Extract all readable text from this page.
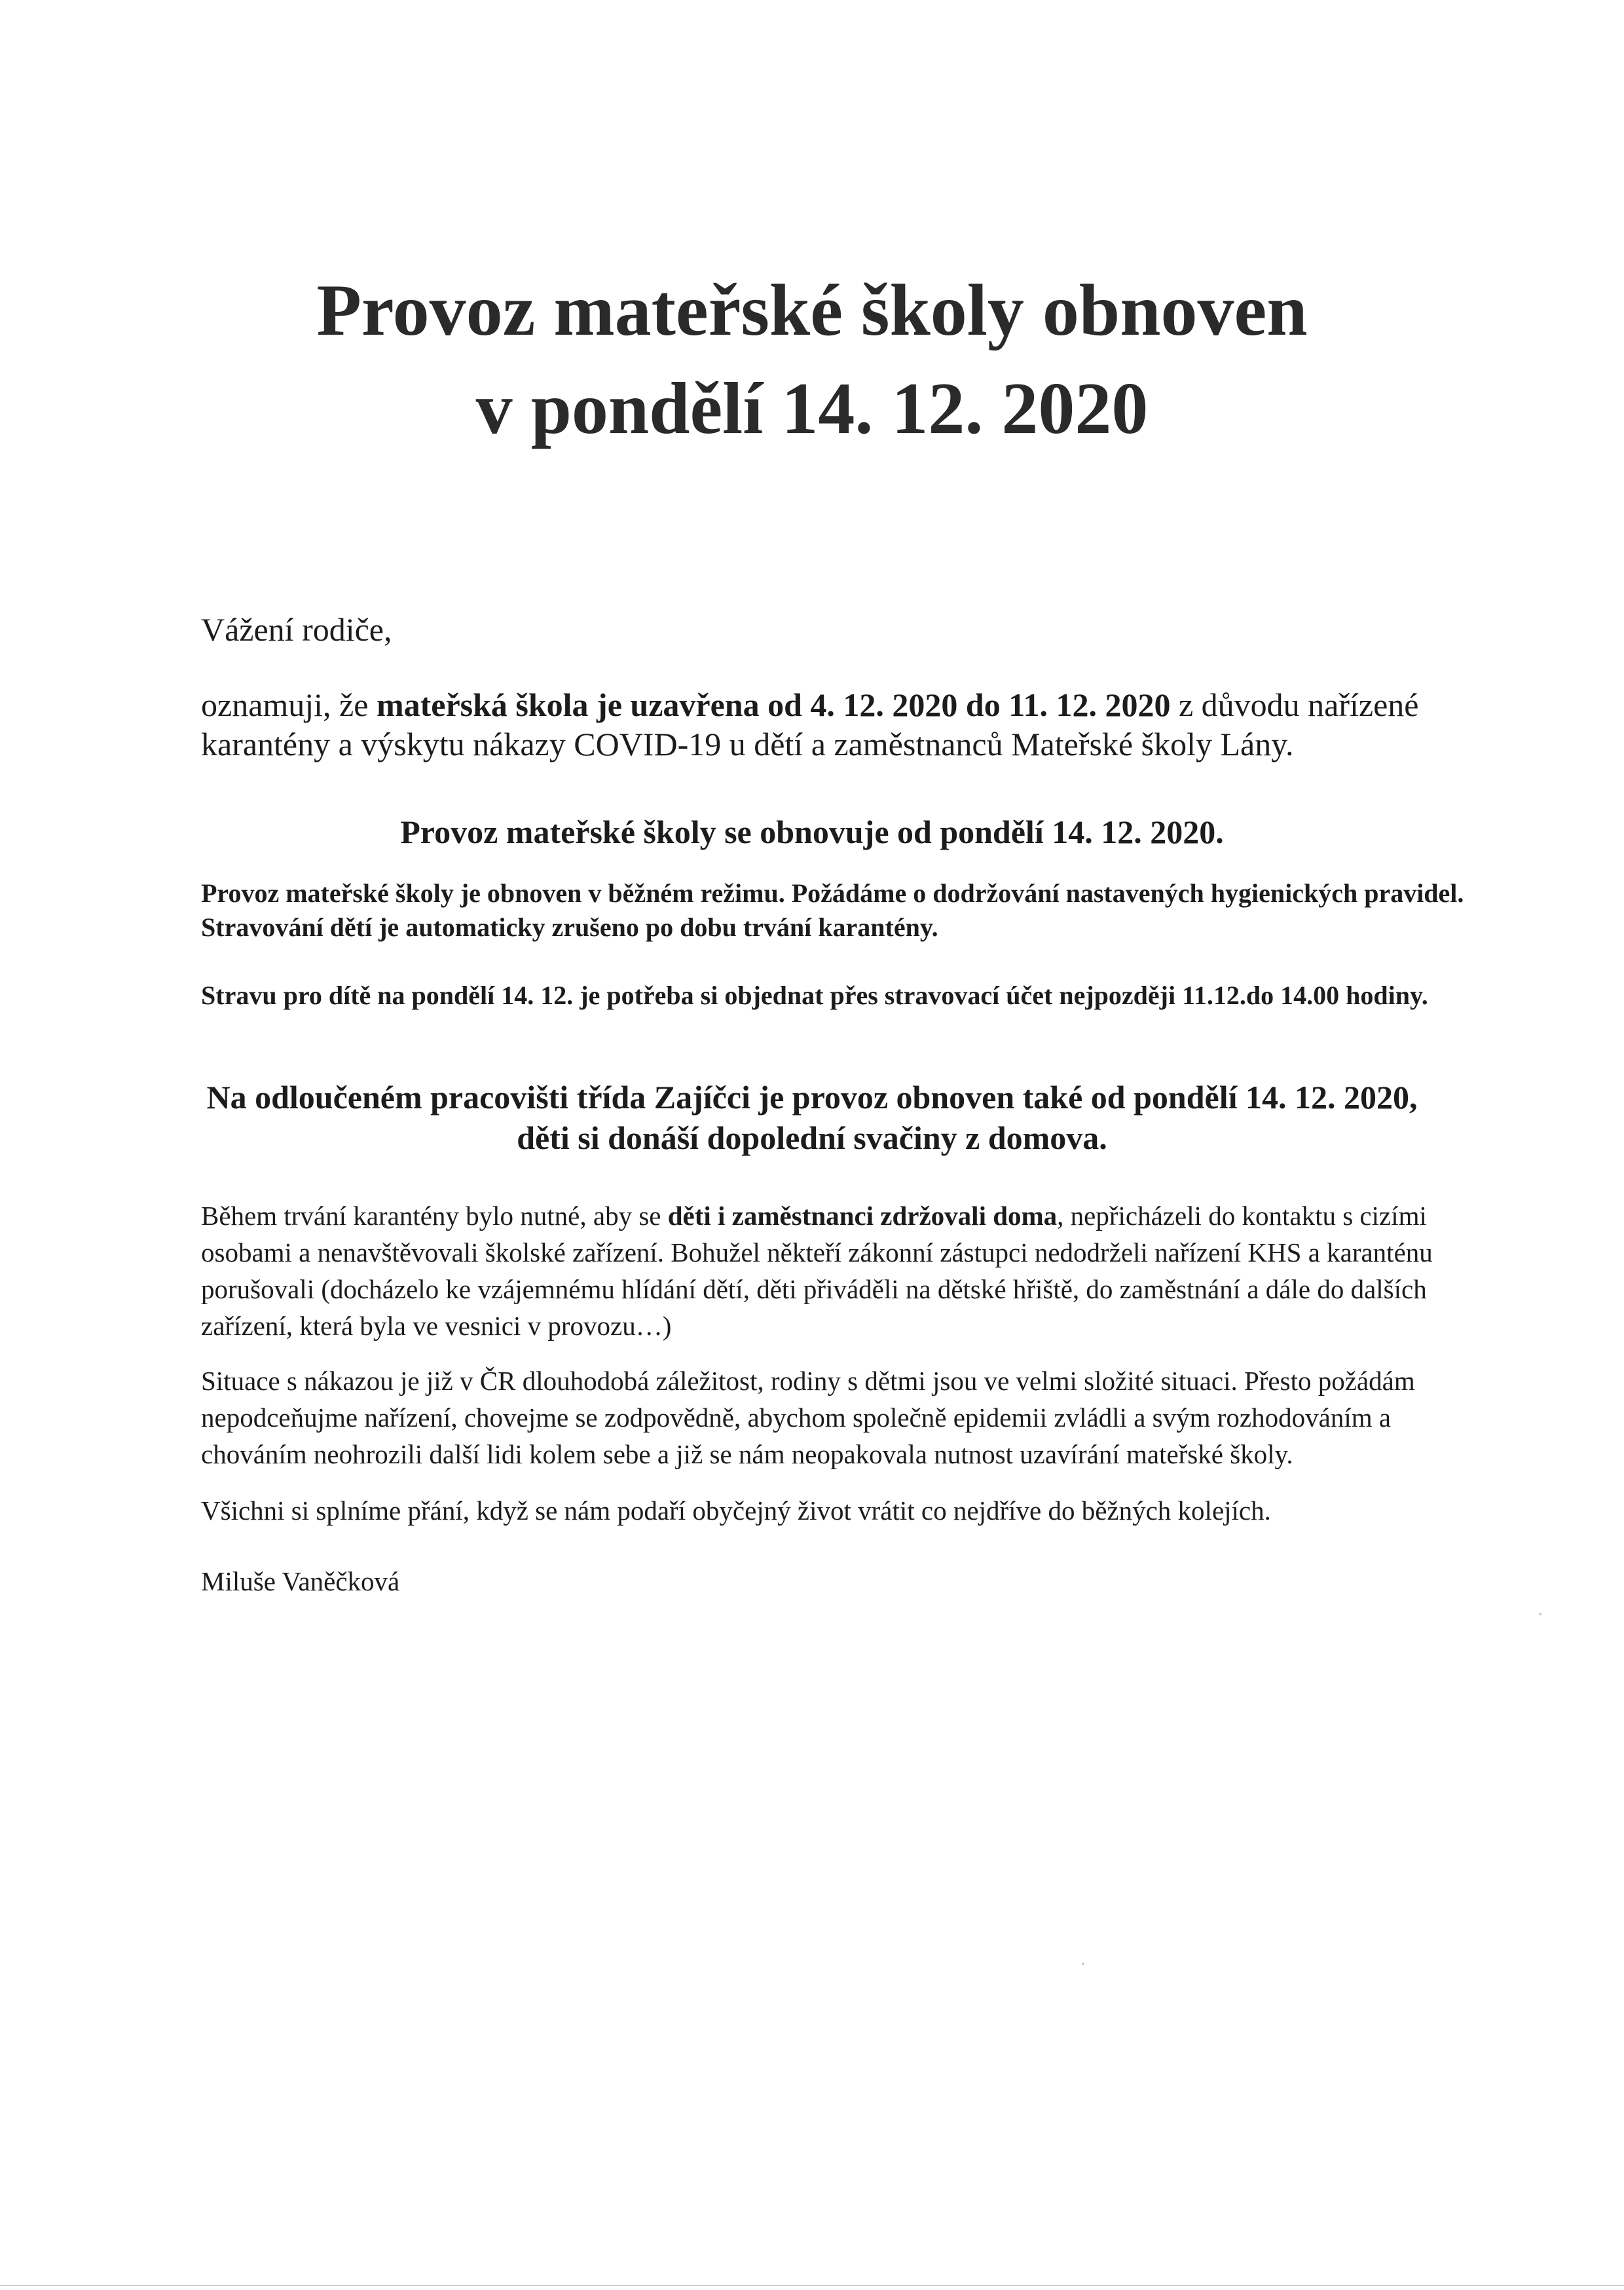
Provoz mateřské školy obnoven
v pondělí 14. 12. 2020

Vážení rodiče,

oznamuji, že mateřská škola je uzavřena od 4. 12. 2020 do 11. 12. 2020 z důvodu nařízené karantény a výskytu nákazy COVID-19 u dětí a zaměstnanců Mateřské školy Lány.

Provoz mateřské školy se obnovuje od pondělí 14. 12. 2020.

Provoz mateřské školy je obnoven v běžném režimu. Požádáme o dodržování nastavených hygienických pravidel. Stravování dětí je automaticky zrušeno po dobu trvání karantény.

Stravu pro dítě na pondělí 14. 12. je potřeba si objednat přes stravovací účet nejpozději 11.12.do 14.00 hodiny.

Na odloučeném pracovišti třída Zajíčci je provoz obnoven také od pondělí 14. 12. 2020,
děti si donáší dopolední svačiny z domova.

Během trvání karantény bylo nutné, aby se děti i zaměstnanci zdržovali doma, nepřicházeli do kontaktu s cizími osobami a nenavštěvovali školské zařízení. Bohužel někteří zákonní zástupci nedodrželi nařízení KHS a karanténu porušovali (docházelo ke vzájemnému hlídání dětí, děti přiváděli na dětské hřiště, do zaměstnání a dále do dalších zařízení, která byla ve vesnici v provozu…)

Situace s nákazou je již v ČR dlouhodobá záležitost, rodiny s dětmi jsou ve velmi složité situaci. Přesto požádám nepodceňujme nařízení, chovejme se zodpovědně, abychom společně epidemii zvládli a svým rozhodováním a chováním neohrozili další lidi kolem sebe a již se nám neopakovala nutnost uzavírání mateřské školy.

Všichni si splníme přání, když se nám podaří obyčejný život vrátit co nejdříve do běžných kolejích.

Miluše Vaněčková
